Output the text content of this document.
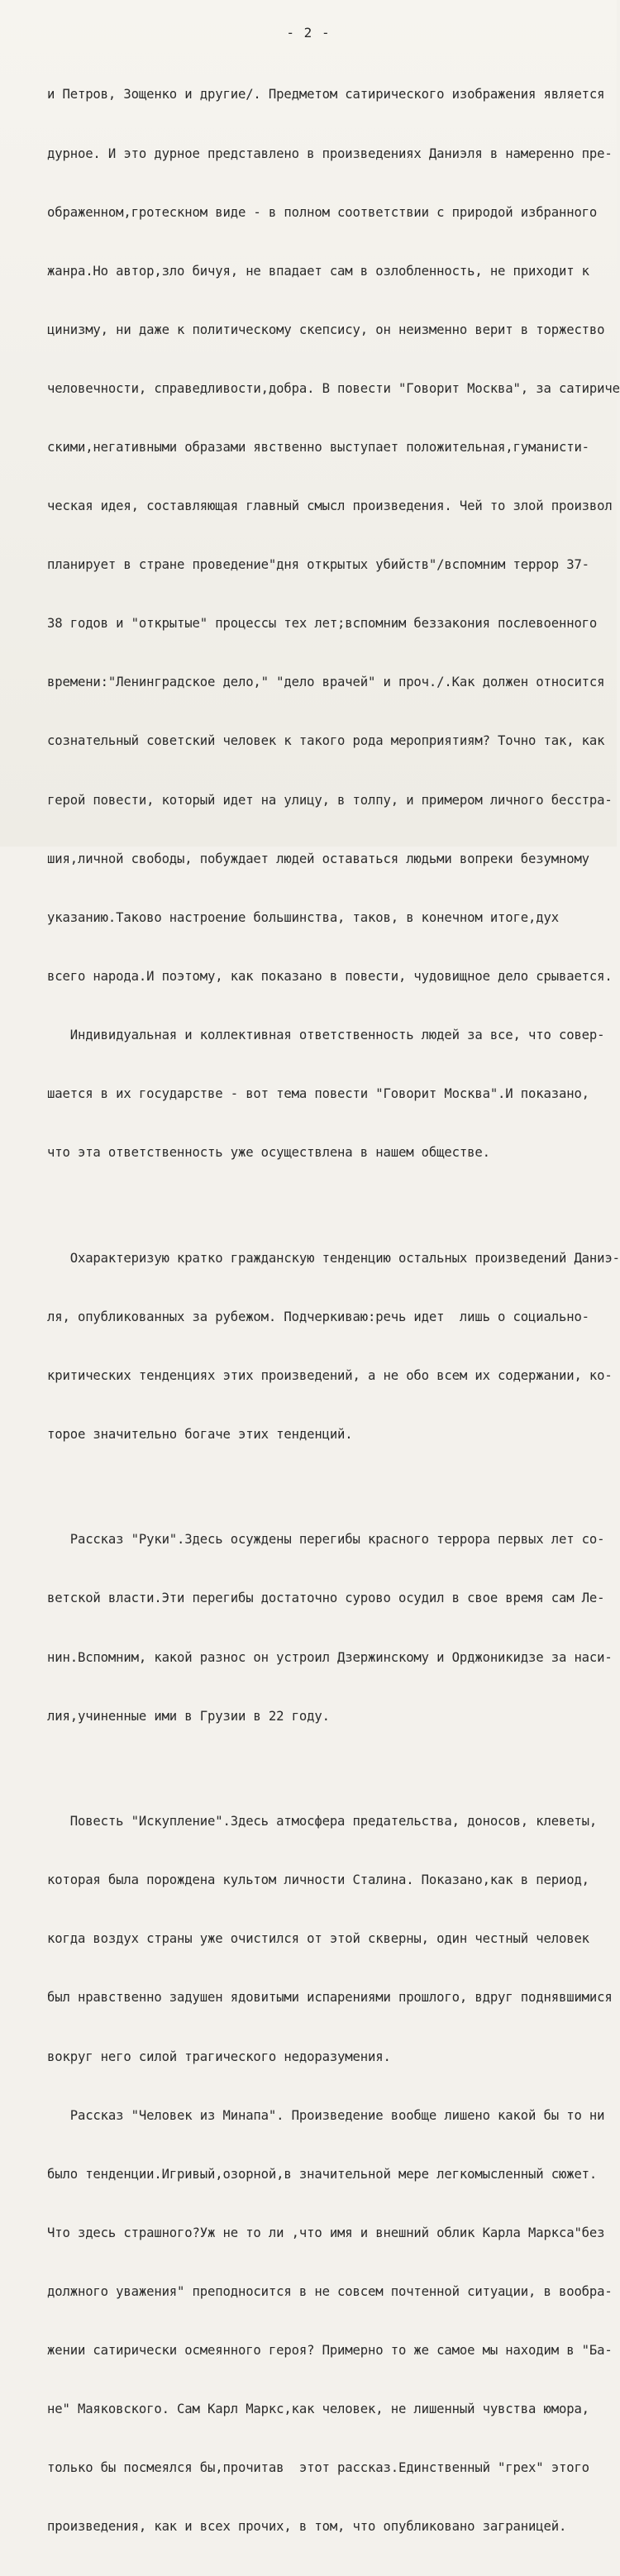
- 2 -

и Петров, Зощенко и другие/. Предметом сатирического изображения является

дурное. И это дурное представлено в произведениях Даниэля в намеренно пре-

ображенном,гротескном виде - в полном соответствии с природой избранного

жанра.Но автор,зло бичуя, не впадает сам в озлобленность, не приходит к

цинизму, ни даже к политическому скепсису, он неизменно верит в торжество

человечности, справедливости,добра. В повести "Говорит Москва", за сатириче

скими,негативными образами явственно выступает положительная,гуманисти-

ческая идея, составляющая главный смысл произведения. Чей то злой произвол

планирует в стране проведение"дня открытых убийств"/вспомним террор 37-

38 годов и "открытые" процессы тех лет;вспомним беззакония послевоенного

времени:"Ленинградское дело," "дело врачей" и проч./.Как должен относится

сознательный советский человек к такого рода мероприятиям? Точно так, как

герой повести, который идет на улицу, в толпу, и примером личного бесстра-

шия,личной свободы, побуждает людей оставаться людьми вопреки безумному

указанию.Таково настроение большинства, таков, в конечном итоге,дух

всего народа.И поэтому, как показано в повести, чудовищное дело срывается.

Индивидуальная и коллективная ответственность людей за все, что совер-

шается в их государстве - вот тема повести "Говорит Москва".И показано,

что эта ответственность уже осуществлена в нашем обществе.

Охарактеризую кратко гражданскую тенденцию остальных произведений Даниэ-

ля, опубликованных за рубежом. Подчеркиваю:речь идет  лишь о социально-

критических тенденциях этих произведений, а не обо всем их содержании, ко-

торое значительно богаче этих тенденций.

Рассказ "Руки".Здесь осуждены перегибы красного террора первых лет со-

ветской власти.Эти перегибы достаточно сурово осудил в свое время сам Ле-

нин.Вспомним, какой разнос он устроил Дзержинскому и Орджоникидзе за наси-

лия,учиненные ими в Грузии в 22 году.

Повесть "Искупление".Здесь атмосфера предательства, доносов, клеветы,

которая была порождена культом личности Сталина. Показано,как в период,

когда воздух страны уже очистился от этой скверны, один честный человек

был нравственно задушен ядовитыми испарениями прошлого, вдруг поднявшимися

вокруг него силой трагического недоразумения.

Рассказ "Человек из Минапа". Произведение вообще лишено какой бы то ни

было тенденции.Игривый,озорной,в значительной мере легкомысленный сюжет.

Что здесь страшного?Уж не то ли ,что имя и внешний облик Карла Маркса"без

должного уважения" преподносится в не совсем почтенной ситуации, в вообра-

жении сатирически осмеянного героя? Примерно то же самое мы находим в "Ба-

не" Маяковского. Сам Карл Маркс,как человек, не лишенный чувства юмора,

только бы посмеялся бы,прочитав  этот рассказ.Единственный "грех" этого

произведения, как и всех прочих, в том, что опубликовано заграницей.
